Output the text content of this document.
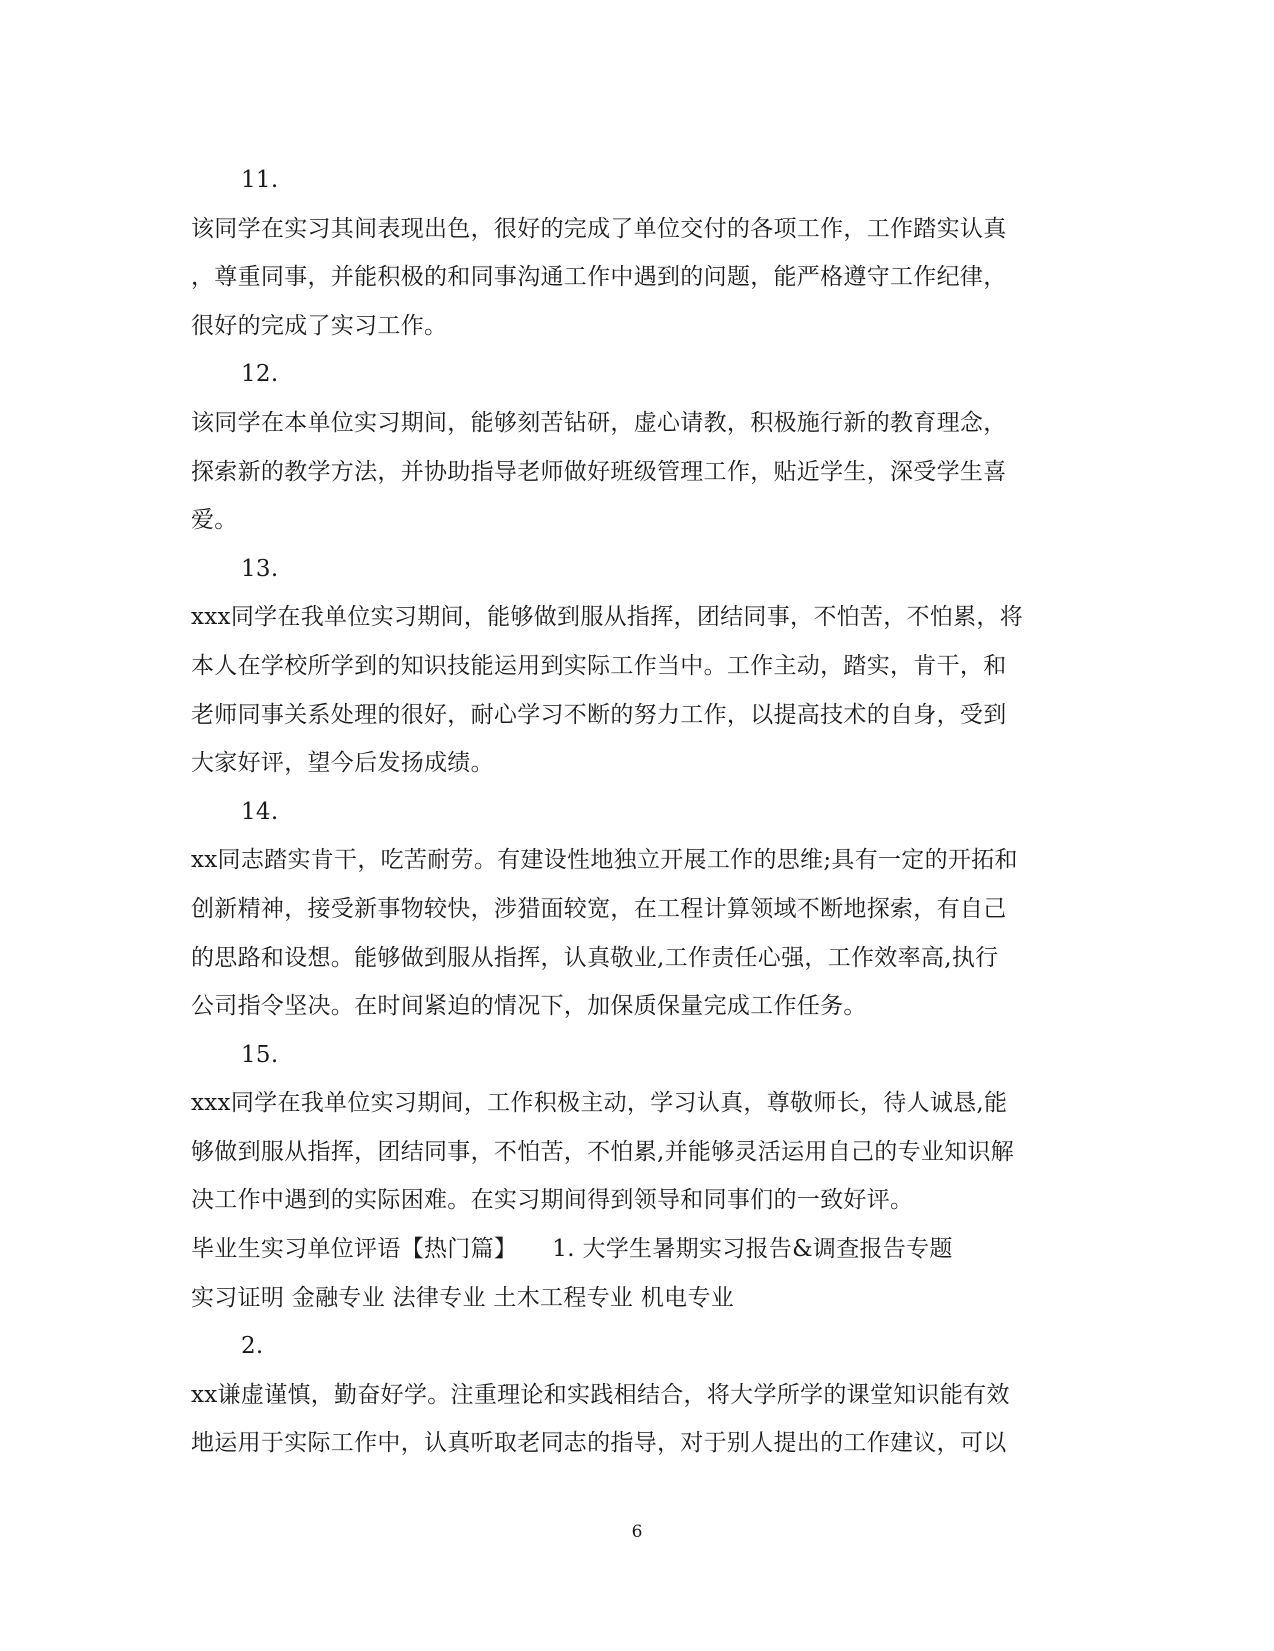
11.
该同学在实习其间表现出色，很好的完成了单位交付的各项工作，工作踏实认真
，尊重同事，并能积极的和同事沟通工作中遇到的问题，能严格遵守工作纪律，
很好的完成了实习工作。
12.
该同学在本单位实习期间，能够刻苦钻研，虚心请教，积极施行新的教育理念，
探索新的教学方法，并协助指导老师做好班级管理工作，贴近学生，深受学生喜
爱。
13.
xxx同学在我单位实习期间，能够做到服从指挥，团结同事，不怕苦，不怕累，将
本人在学校所学到的知识技能运用到实际工作当中。工作主动，踏实，肯干，和
老师同事关系处理的很好，耐心学习不断的努力工作，以提高技术的自身，受到
大家好评，望今后发扬成绩。
14.
xx同志踏实肯干，吃苦耐劳。有建设性地独立开展工作的思维;具有一定的开拓和
创新精神，接受新事物较快，涉猎面较宽，在工程计算领域不断地探索，有自己
的思路和设想。能够做到服从指挥，认真敬业,工作责任心强，工作效率高,执行
公司指令坚决。在时间紧迫的情况下，加保质保量完成工作任务。
15.
xxx同学在我单位实习期间，工作积极主动，学习认真，尊敬师长，待人诚恳,能
够做到服从指挥，团结同事，不怕苦，不怕累,并能够灵活运用自己的专业知识解
决工作中遇到的实际困难。在实习期间得到领导和同事们的一致好评。
毕业生实习单位评语【热门篇】　　1. 大学生暑期实习报告&调查报告专题
实习证明 金融专业 法律专业 土木工程专业 机电专业
2.
xx谦虚谨慎，勤奋好学。注重理论和实践相结合，将大学所学的课堂知识能有效
地运用于实际工作中，认真听取老同志的指导，对于别人提出的工作建议，可以
6
